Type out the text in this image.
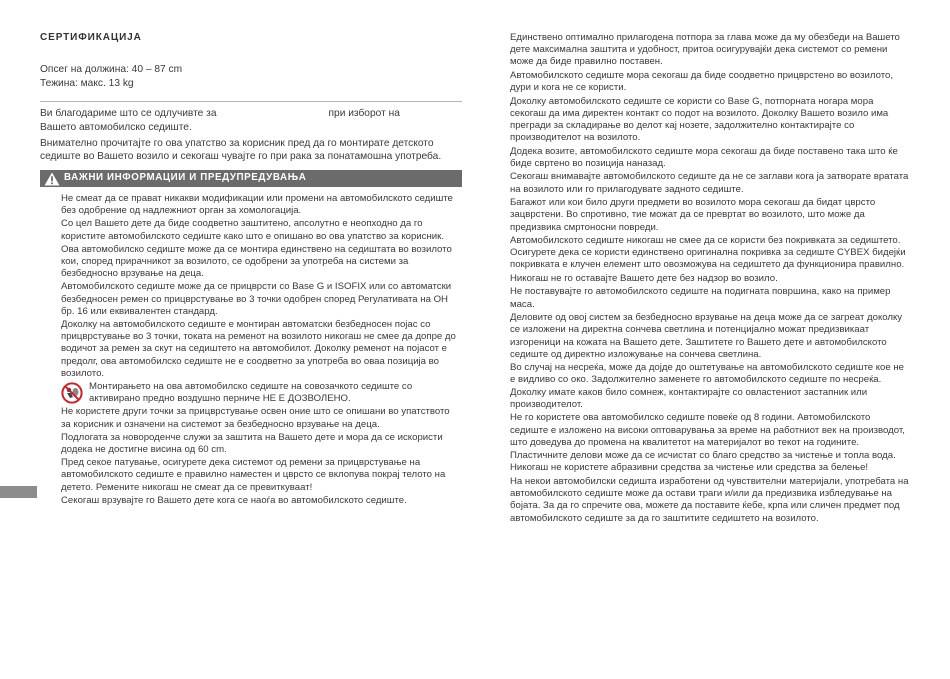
СЕРТИФИКАЦИЈА
Опсег на должина: 40 – 87 cm
Тежина: макс. 13 kg

Ви благодариме што се одлучивте за	при изборот на
Вашето автомобилско седиште.

Внимателно прочитајте го ова упатство за корисник пред да го монтирате детското седиште во Вашето возило и секогаш чувајте го при рака за понатамошна употреба.

ВАЖНИ ИНФОРМАЦИИ И ПРЕДУПРЕДУВАЊА

Не смеат да се прават никакви модификации или промени на автомобилското седиште без одобрение од надлежниот орган за хомологација.

Со цел Вашето дете да биде соодветно заштитено, апсолутно е неопходно да го користите автомобилското седиште како што е опишано во ова упатство за корисник.

Ова автомобилско седиште може да се монтира единствено на седиштата во возилото кои, според прирачникот за возилото, се одобрени за употреба на системи за безбедносно врзување на деца.

Автомобилското седиште може да се прицврсти со Base G и ISOFIX или со автоматски безбедносен ремен со прицврстување во 3 точки одобрен според Регулативата на ОН бр. 16 или еквивалентен стандард.

Доколку на автомобилското седиште е монтиран автоматски безбедносен појас со прицврстување во 3 точки, токата на ременот на возилото никогаш не смее да допре до водичот за ремен за скут на седиштето на автомобилот. Доколку ременот на појасот е предолг, ова автомобилско седиште не е соодветно за употреба во оваа позиција во возилото.

Монтирањето на ова автомобилско седиште на совозачкото седиште со активирано предно воздушно перниче НЕ Е ДОЗВОЛЕНО.

Не користете други точки за прицврстување освен оние што се опишани во упатството за корисник и означени на системот за безбедносно врзување на деца.

Подлогата за новороденче служи за заштита на Вашето дете и мора да се искористи додека не достигне висина од 60 cm.

Пред секое патување, осигурете дека системот од ремени за прицврстување на автомобилското седиште е правилно наместен и цврсто се вклопува покрај телото на детето. Ремените никогаш не смеат да се превиткуваат!

Секогаш врзувајте го Вашето дете кога се наоѓа во автомобилското седиште.

Единствено оптимално прилагодена потпора за глава може да му обезбеди на Вашето дете максимална заштита и удобност, притоа осигурувајќи дека системот со ремени може да биде правилно поставен.

Автомобилското седиште мора секогаш да биде соодветно прицврстено во возилото, дури и кога не се користи.

Доколку автомобилското седиште се користи со Base G, потпорната ногара мора секогаш да има директен контакт со подот на возилото. Доколку Вашето возило има прегради за складирање во делот кај нозете, задолжително контактирајте со производителот на возилото.

Додека возите, автомобилското седиште мора секогаш да биде поставено така што ќе биде свртено во позиција наназад.

Секогаш внимавајте автомобилското седиште да не се заглави кога ја затворате вратата на возилото или го прилагодувате задното седиште.

Багажот или кои било други предмети во возилото мора секогаш да бидат цврсто зацврстени. Во спротивно, тие можат да се превртат во возилото, што може да предизвика смртоносни повреди.

Автомобилското седиште никогаш не смее да се користи без покривката за седиштето. Осигурете дека се користи единствено оригинална покривка за седиште CYBEX бидејќи покривката е клучен елемент што овозможува на седиштето да функционира правилно.

Никогаш не го оставајте Вашето дете без надзор во возило.

Не поставувајте го автомобилското седиште на подигната површина, како на пример маса.

Деловите од овој систем за безбедносно врзување на деца може да се загреат доколку се изложени на директна сончева светлина и потенцијално можат предизвикаат изгореници на кожата на Вашето дете. Заштитете го Вашето дете и автомобилското седиште од директно изложување на сончева светлина.

Во случај на несреќа, може да дојде до оштетување на автомобилското седиште кое не е видливо со око. Задолжително заменете го автомобилското седиште по несреќа. Доколку имате каков било сомнеж, контактирајте со овластениот застапник или производителот.

Не го користете ова автомобилско седиште повеќе од 8 години. Автомобилското седиште е изложено на високи оптоварувања за време на работниот век на производот, што доведува до промена на квалитетот на материјалот во текот на годините.

Пластичните делови може да се исчистат со благо средство за чистење и топла вода. Никогаш не користете абразивни средства за чистење или средства за белење!

На некои автомобилски седишта изработени од чувствителни материјали, употребата на автомобилското седиште може да остави траги и/или да предизвика избледување на бојата. За да го спречите ова, можете да поставите ќебе, крпа или сличен предмет под автомобилското седиште за да го заштитите седиштето на возилото.
